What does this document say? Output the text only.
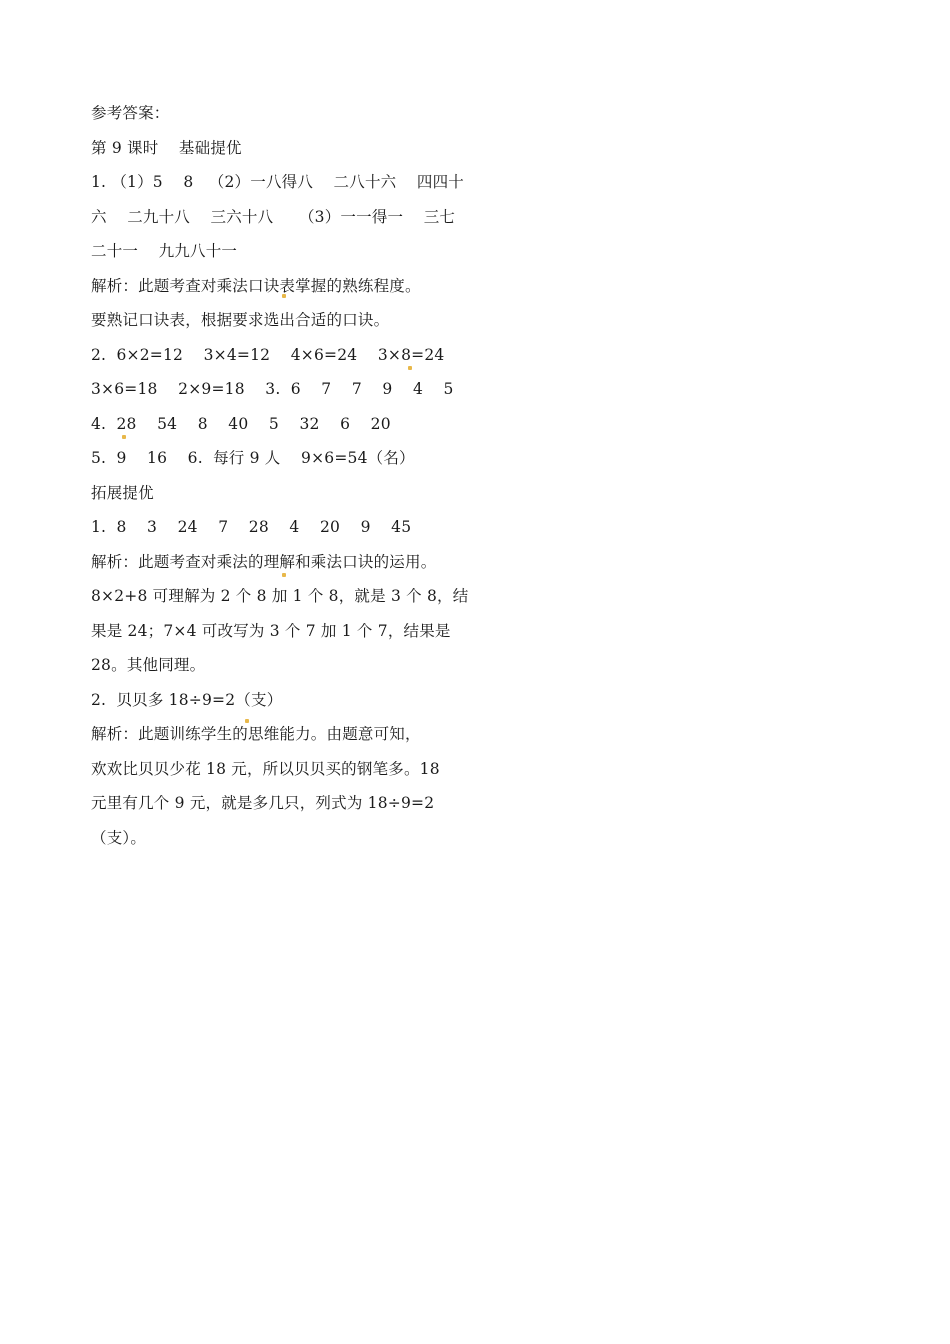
参考答案：
第 9 课时    基础提优
1. （1）5    8   （2）一八得八    二八十六    四四十
六    二九十八    三六十八     （3）一一得一    三七
二十一    九九八十一
解析：此题考查对乘法口诀表掌握的熟练程度。
要熟记口诀表，根据要求选出合适的口诀。
2.  6×2=12    3×4=12    4×6=24    3×8=24
3×6=18    2×9=18    3.  6    7    7    9    4    5
4.  28    54    8    40    5    32    6    20
5.  9    16    6.  每行 9 人    9×6=54（名）
拓展提优
1.  8    3    24    7    28    4    20    9    45
解析：此题考查对乘法的理解和乘法口诀的运用。
8×2+8 可理解为 2 个 8 加 1 个 8，就是 3 个 8，结
果是 24；7×4 可改写为 3 个 7 加 1 个 7，结果是
28。其他同理。
2.  贝贝多 18÷9=2（支）
解析：此题训练学生的思维能力。由题意可知，
欢欢比贝贝少花 18 元，所以贝贝买的钢笔多。18
元里有几个 9 元，就是多几只，列式为 18÷9=2
（支）。
